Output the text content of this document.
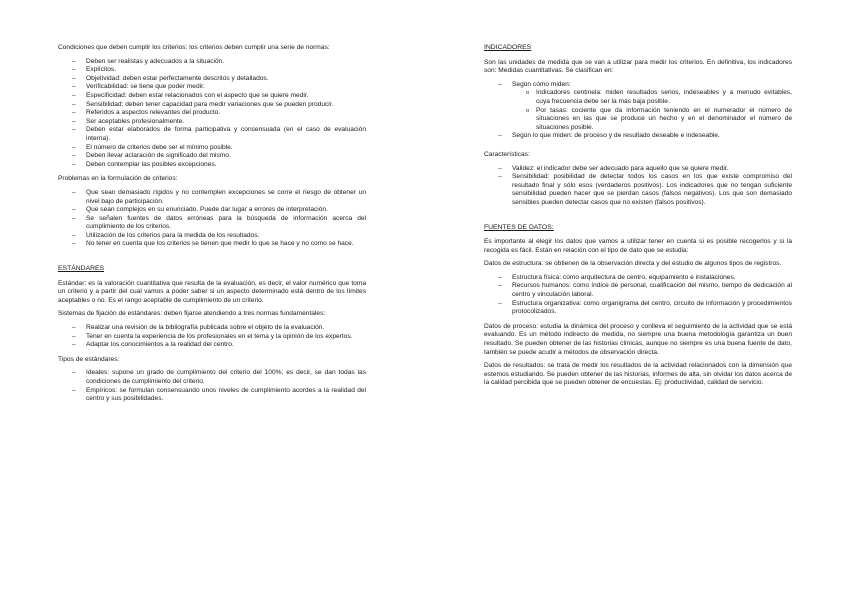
Condiciones que deben cumplir los criterios: los criterios deben cumplir una serie de normas:

– Deben ser realistas y adecuados a la situación.
– Explícitos.
– Objetividad: deben estar perfectamente descritos y detallados.
– Verificabilidad: se tiene que poder medir.
– Especificidad: deben estar relacionados con el aspecto que se quiere medir.
– Sensibilidad: deben tener capacidad para medir variaciones que se pueden producir.
– Referidos a aspectos relevantes del producto.
– Ser aceptables profesionalmente.
– Deben estar elaborados de forma participativa y consensuada (en el caso de evaluación interna).
– El número de criterios debe ser el mínimo posible.
– Deben llevar aclaración de significado del mismo.
– Deben contemplar las posibles excepciones.

Problemas en la formulación de criterios:

– Que sean demasiado rígidos y no contemplen excepciones se corre el riesgo de obtener un nivel bajo de participación.
– Que sean complejos en su enunciado. Puede dar lugar a errores de interpretación.
– Se señalen fuentes de datos erróneas para la búsqueda de información acerca del cumplimiento de los criterios.
– Utilización de los criterios para la medida de los resultados.
– No tener en cuenta que los criterios se tienen que medir lo que se hace y no como se hace.

ESTÁNDARES

Estándar: es la valoración cuantitativa que resulta de la evaluación, es decir, el valor numérico que toma un criterio y a partir del cual vamos a poder saber si un aspecto determinado está dentro de los límites aceptables o no. Es el rango aceptable de cumplimiento de un criterio.

Sistemas de fijación de estándares: deben fijarse atendiendo a tres normas fundamentales:

– Realizar una revisión de la bibliografía publicada sobre el objeto de la evaluación.
– Tener en cuenta la experiencia de los profesionales en el tema y la opinión de los expertos.
– Adaptar los conocimientos a la realidad del centro.

Tipos de estándares:

– Ideales: supone un grado de cumplimiento del criterio del 100%, es decir, se dan todas las condiciones de cumplimiento del criterio.
– Empíricos: se formulan consensuando unos niveles de cumplimiento acordes a la realidad del centro y sus posibilidades.

INDICADORES

Son las unidades de medida que se van a utilizar para medir los criterios. En definitiva, los indicadores son: Medidas cuantitativas. Se clasifican en:

– Según cómo miden:
o Indicadores centinela: miden resultados serios, indeseables y a menudo evitables, cuya frecuencia debe ser la más baja posible.
o Por tasas: cociente que da información teniendo en el numerador el número de situaciones en las que se produce un hecho y en el denominador el número de situaciones posible.
– Según lo que miden: de proceso y de resultado deseable e indeseable.

Características:

– Validez: el indicador debe ser adecuado para aquello que se quiere medir.
– Sensibilidad: posibilidad de detectar todos los casos en los que existe compromiso del resultado final y sólo esos (verdaderos positivos). Los indicadores que no tengan suficiente sensibilidad pueden hacer que se pierdan casos (falsos negativos). Los que son demasiado sensibles pueden detectar casos que no existen (falsos positivos).

FUENTES DE DATOS:

Es importante al elegir los datos que vamos a utilizar tener en cuenta si es posible recogerlos y si la recogida es fácil. Están en relación con el tipo de dato que se estudia:

Datos de estructura: se obtienen de la observación directa y del estudio de algunos tipos de registros.

– Estructura física: como arquitectura de centro, equipamiento e instalaciones.
– Recursos humanos: como índice de personal, cualificación del mismo, tiempo de dedicación al centro y vinculación laboral.
– Estructura organizativa: como organigrama del centro, circuito de información y procedimientos protocolizados.

Datos de proceso: estudia la dinámica del proceso y conlleva el seguimiento de la actividad que se está evaluando. Es un método indirecto de medida, no siempre una buena metodología garantiza un buen resultado. Se pueden obtener de las historias clínicas, aunque no siempre es una buena fuente de dato, también se puede acudir a métodos de observación directa.

Datos de resultados: se trata de medir los resultados de la actividad relacionados con la dimensión que estemos estudiando. Se pueden obtener de las historias, informes de alta, sin olvidar los datos acerca de la calidad percibida que se pueden obtener de encuestas. Ej: productividad, calidad de servicio.
